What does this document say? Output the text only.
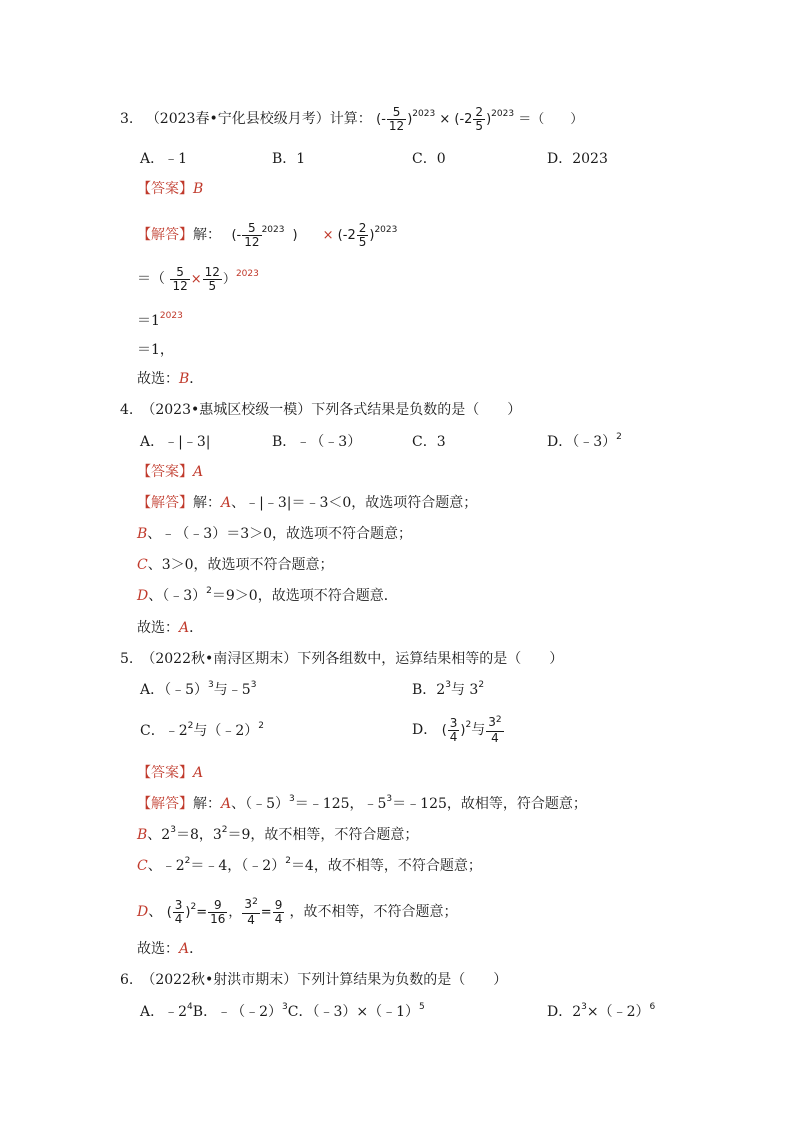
3. （2023春•宁化县校级月考）计算： (- $\frac{5}{12} )^{2023} \times (-2 \frac{2}{5} )^{2023}$ ＝（　　）
A．﹣1	B．1	C．0	D．2023
【答案】B
【解答】解： (- $\frac{5}{12} )^{2023}$	× $(-2 \frac{2}{5} )^{2023}$
＝（ $\frac{5}{12} \times \frac{12}{5} )^{2023}$
$=1^{2023}$
＝1，
故选：B．
4. （2023•惠城区校级一模）下列各式结果是负数的是（　　）
A．﹣|﹣3|	B．﹣（﹣3）	C．3	D．（﹣3）$^2$
【答案】A
【解答】解：A、﹣|﹣3|＝﹣3＜0，故选项符合题意；
B、﹣（﹣3）＝3＞0，故选项不符合题意；
C、3＞0，故选项不符合题意；
D、（﹣3）$^2$＝9＞0，故选项不符合题意．
故选：A．
5. （2022秋•南浔区期末）下列各组数中，运算结果相等的是（　　）
A．（﹣5）$^3$与$﹣5^3$	B．$2^3$与 $3^2$
C．$﹣2^2$与（﹣2）$^2$	D． ( $\frac{3}{4} )^2$与 $\frac{3^2}{4}$
【答案】A
【解答】解：A、（﹣5）$^3$＝﹣125，$﹣5^3=﹣125$，故相等，符合题意；
B、$2^3=8$，$3^2=9$，故不相等，不符合题意；
C、$﹣2^2=﹣4$，（﹣2）$^2$＝4，故不相等，不符合题意；
D、 ( $\frac{3}{4} )^2= \frac{9}{16}$ ， $\frac{3^2}{4} = \frac{9}{4}$ ，故不相等，不符合题意；
故选：A．
6. （2022秋•射洪市期末）下列计算结果为负数的是（　　）
A．$﹣2^4B$．﹣（﹣2）$^3$C．（﹣3）×（﹣1）$^5$	D．$2^3\times(﹣2)^6$
